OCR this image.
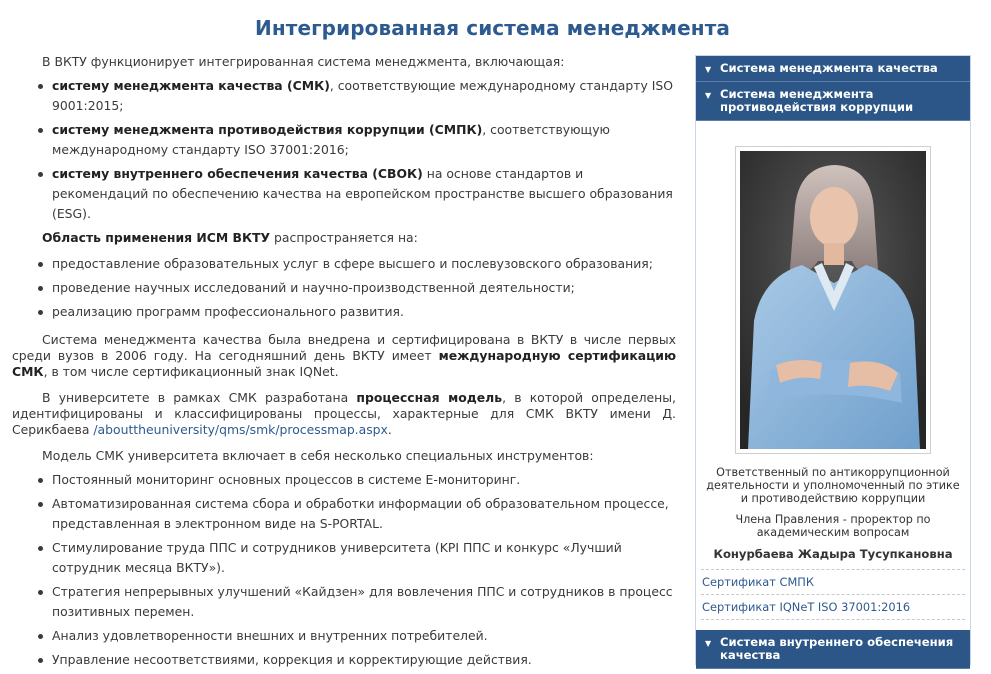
Интегрированная система менеджмента

В ВКТУ функционирует интегрированная система менеджмента, включающая:

систему менеджмента качества (СМК), соответствующие международному стандарту ISO 9001:2015;
систему менеджмента противодействия коррупции (СМПК), соответствующую международному стандарту ISO 37001:2016;
систему внутреннего обеспечения качества (СВОК) на основе стандартов и рекомендаций по обеспечению качества на европейском пространстве высшего образования (ESG).

Область применения ИСМ ВКТУ распространяется на:

предоставление образовательных услуг в сфере высшего и послевузовского образования;
проведение научных исследований и научно-производственной деятельности;
реализацию программ профессионального развития.

Система менеджмента качества была внедрена и сертифицирована в ВКТУ в числе первых среди вузов в 2006 году. На сегодняшний день ВКТУ имеет международную сертификацию СМК, в том числе сертификационный знак IQNet.

В университете в рамках СМК разработана процессная модель, в которой определены, идентифицированы и классифицированы процессы, характерные для СМК ВКТУ имени Д. Серикбаева /abouttheuniversity/qms/smk/processmap.aspx.

Модель СМК университета включает в себя несколько специальных инструментов:

Постоянный мониторинг основных процессов в системе Е-мониторинг.
Автоматизированная система сбора и обработки информации об образовательном процессе, представленная в электронном виде на S-PORTAL.
Стимулирование труда ППС и сотрудников университета (KPI ППС и конкурс «Лучший сотрудник месяца ВКТУ»).
Стратегия непрерывных улучшений «Кайдзен» для вовлечения ППС и сотрудников в процесс позитивных перемен.
Анализ удовлетворенности внешних и внутренних потребителей.
Управление несоответствиями, коррекция и корректирующие действия.
▼ Система менеджмента качества
▼ Система менеджмента противодействия коррупции
Ответственный по антикоррупционной деятельности и уполномоченный по этике и противодействию коррупции
Члена Правления - проректор по академическим вопросам
Конурбаева Жадыра Тусупкановна
Сертификат СМПК
Сертификат IQNeT ISO 37001:2016
▼ Система внутреннего обеспечения качества
